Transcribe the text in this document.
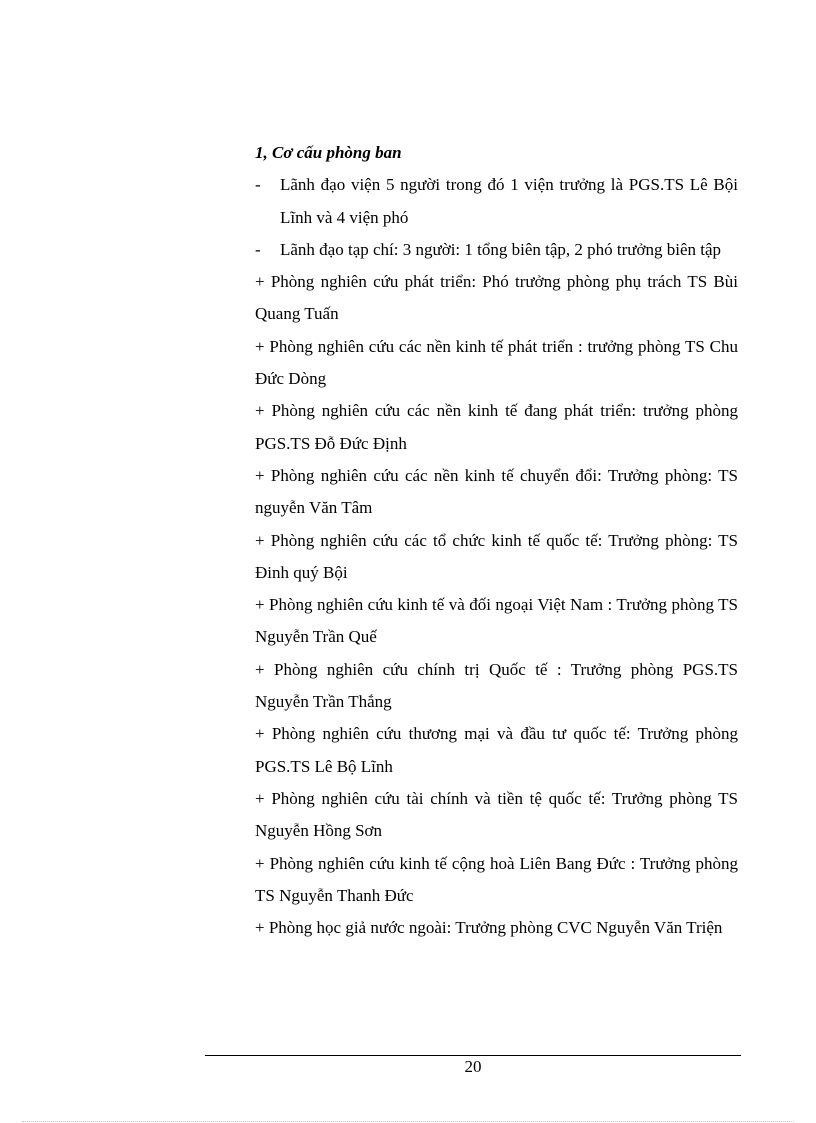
1, Cơ cấu phòng ban

- Lãnh đạo viện 5 người trong đó 1 viện trưởng là PGS.TS Lê Bội Lĩnh và 4 viện phó

- Lãnh đạo tạp chí: 3 người: 1 tổng biên tập, 2 phó trưởng biên tập

+ Phòng nghiên cứu phát triển: Phó trưởng phòng phụ trách TS Bùi Quang Tuấn

+ Phòng nghiên cứu các nền kinh tế phát triển : trưởng phòng TS Chu Đức Dòng

+ Phòng nghiên cứu các nền kinh tế đang phát triển: trưởng phòng PGS.TS Đỗ Đức Định

+ Phòng nghiên cứu các nền kinh tế chuyển đổi: Trưởng phòng: TS nguyễn Văn Tâm

+ Phòng nghiên cứu các tổ chức kinh tế quốc tế: Trưởng phòng: TS Đinh quý Bội

+ Phòng nghiên cứu kinh tế và đối ngoại Việt Nam : Trưởng phòng TS Nguyễn Trần Quế

+ Phòng nghiên cứu chính trị Quốc tế : Trưởng phòng PGS.TS Nguyễn Trần Thắng

+ Phòng nghiên cứu thương mại và đầu tư quốc tế: Trưởng phòng PGS.TS Lê Bộ Lĩnh

+ Phòng nghiên cứu tài chính và tiền tệ quốc tế: Trưởng phòng TS Nguyễn Hồng Sơn

+ Phòng nghiên cứu kinh tế cộng hoà Liên Bang Đức : Trưởng phòng TS Nguyễn Thanh Đức

+ Phòng học giả nước ngoài: Trưởng phòng CVC Nguyễn Văn Triện

20
